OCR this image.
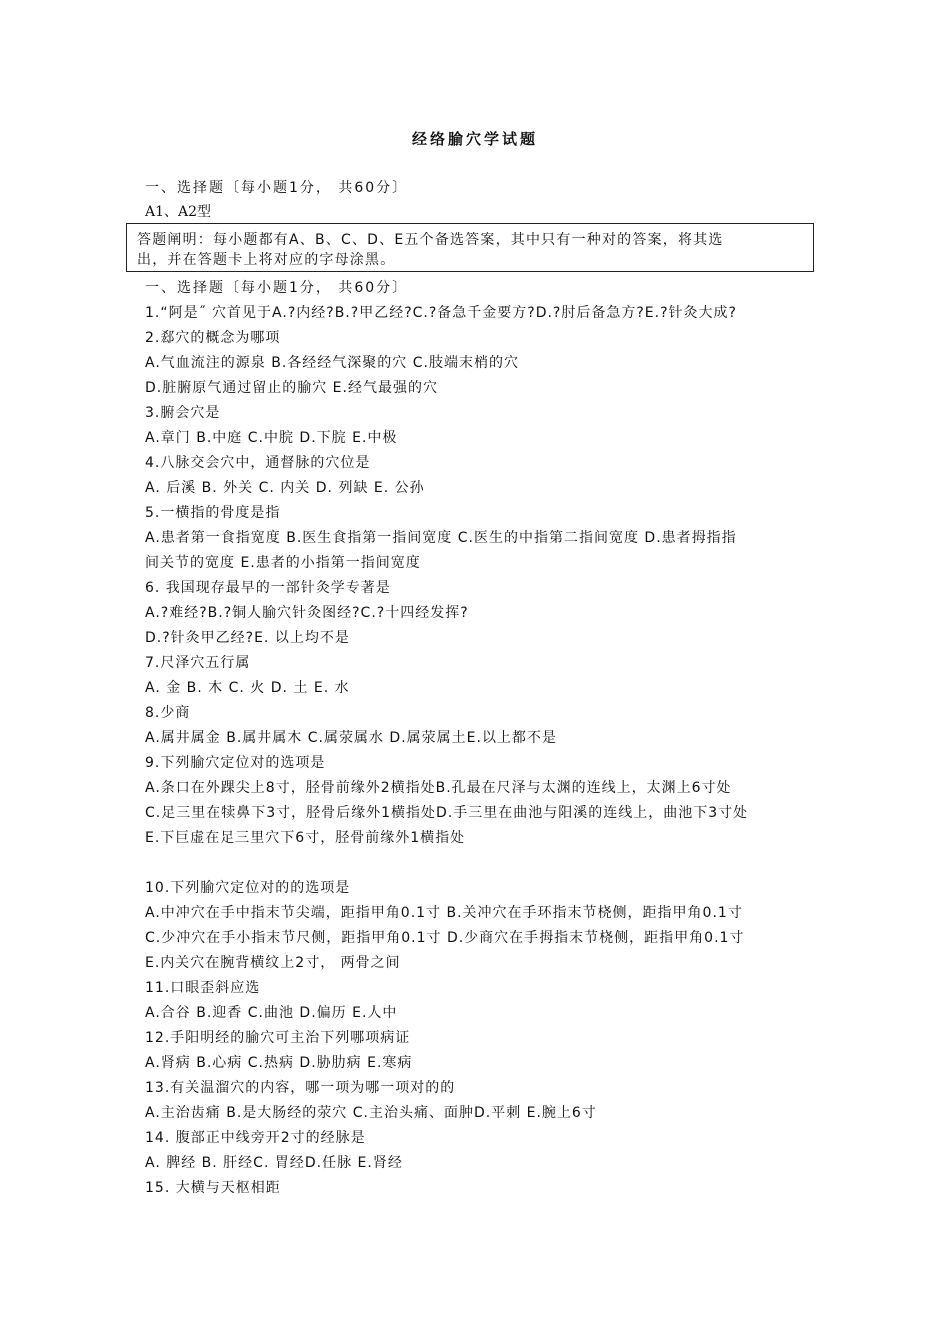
经络腧穴学试题
一、选择题〔每小题1分， 共60分〕
A1、A2型
答题阐明：每小题都有A、B、C、D、E五个备选答案，其中只有一种对的答案，将其选
出，并在答题卡上将对应的字母涂黑。
一、选择题〔每小题1分， 共60分〕
1.“阿是˝ 穴首见于A.?内经?B.?甲乙经?C.?备急千金要方?D.?肘后备急方?E.?针灸大成?
2.郄穴的概念为哪项
A.气血流注的源泉 B.各经经气深聚的穴 C.肢端末梢的穴
D.脏腑原气通过留止的腧穴 E.经气最强的穴
3.腑会穴是
A.章门 B.中庭 C.中脘 D.下脘 E.中极
4.八脉交会穴中，通督脉的穴位是
A. 后溪 B. 外关 C. 内关 D. 列缺 E. 公孙
5.一横指的骨度是指
A.患者第一食指宽度 B.医生食指第一指间宽度 C.医生的中指第二指间宽度 D.患者拇指指
间关节的宽度 E.患者的小指第一指间宽度
6. 我国现存最早的一部针灸学专著是
A.?难经?B.?铜人腧穴针灸图经?C.?十四经发挥?
D.?针灸甲乙经?E. 以上均不是
7.尺泽穴五行属
A. 金 B. 木 C. 火 D. 土 E. 水
8.少商
A.属井属金 B.属井属木 C.属荥属水 D.属荥属土E.以上都不是
9.下列腧穴定位对的选项是
A.条口在外踝尖上8寸，胫骨前缘外2横指处B.孔最在尺泽与太渊的连线上，太渊上6寸处
C.足三里在犊鼻下3寸，胫骨后缘外1横指处D.手三里在曲池与阳溪的连线上，曲池下3寸处
E.下巨虚在足三里穴下6寸，胫骨前缘外1横指处
10.下列腧穴定位对的的选项是
A.中冲穴在手中指末节尖端，距指甲角0.1寸 B.关冲穴在手环指末节桡侧，距指甲角0.1寸
C.少冲穴在手小指末节尺侧，距指甲角0.1寸 D.少商穴在手拇指末节桡侧，距指甲角0.1寸
E.内关穴在腕背横纹上2寸， 两骨之间
11.口眼歪斜应选
A.合谷 B.迎香 C.曲池 D.偏历 E.人中
12.手阳明经的腧穴可主治下列哪项病证
A.肾病 B.心病 C.热病 D.胁肋病 E.寒病
13.有关温溜穴的内容，哪一项为哪一项对的的
A.主治齿痛 B.是大肠经的荥穴 C.主治头痛、面肿D.平刺 E.腕上6寸
14. 腹部正中线旁开2寸的经脉是
A. 脾经 B. 肝经C. 胃经D.任脉 E.肾经
15. 大横与天枢相距
